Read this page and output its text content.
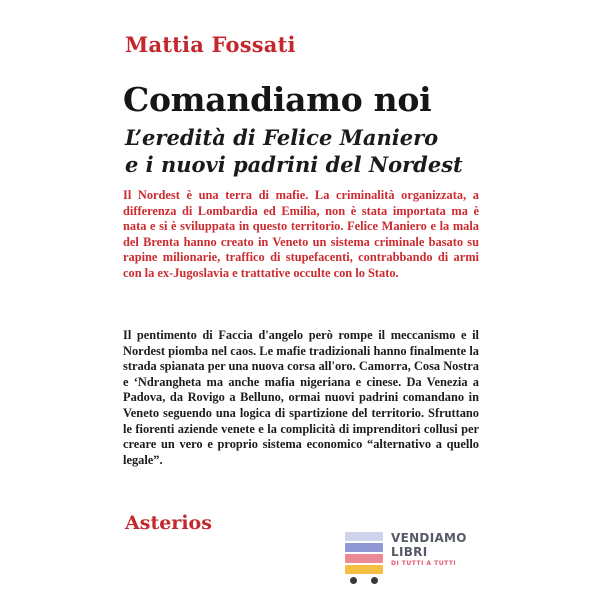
Mattia Fossati
Comandiamo noi
L’eredità di Felice Maniero
e i nuovi padrini del Nordest
Il Nordest è una terra di mafie. La criminalità organizzata, a differenza di Lombardia ed Emilia, non è stata importata ma è nata e si è sviluppata in questo territorio. Felice Maniero e la mala del Brenta hanno creato in Veneto un sistema criminale basato su rapine milionarie, traffico di stupefacenti, contrabbando di armi con la ex-Jugoslavia e trattative occulte con lo Stato.
Il pentimento di Faccia d'angelo però rompe il meccanismo e il Nordest piomba nel caos. Le mafie tradizionali hanno finalmente la strada spianata per una nuova corsa all'oro. Camorra, Cosa Nostra e ‘Ndrangheta ma anche mafia nigeriana e cinese. Da Venezia a Padova, da Rovigo a Belluno, ormai nuovi padrini comandano in Veneto seguendo una logica di spartizione del territorio. Sfruttano le fiorenti aziende venete e la complicità di imprenditori collusi per creare un vero e proprio sistema economico “alternativo a quello legale”.
Asterios
VENDIAMO
LIBRI
DI TUTTI A TUTTI
